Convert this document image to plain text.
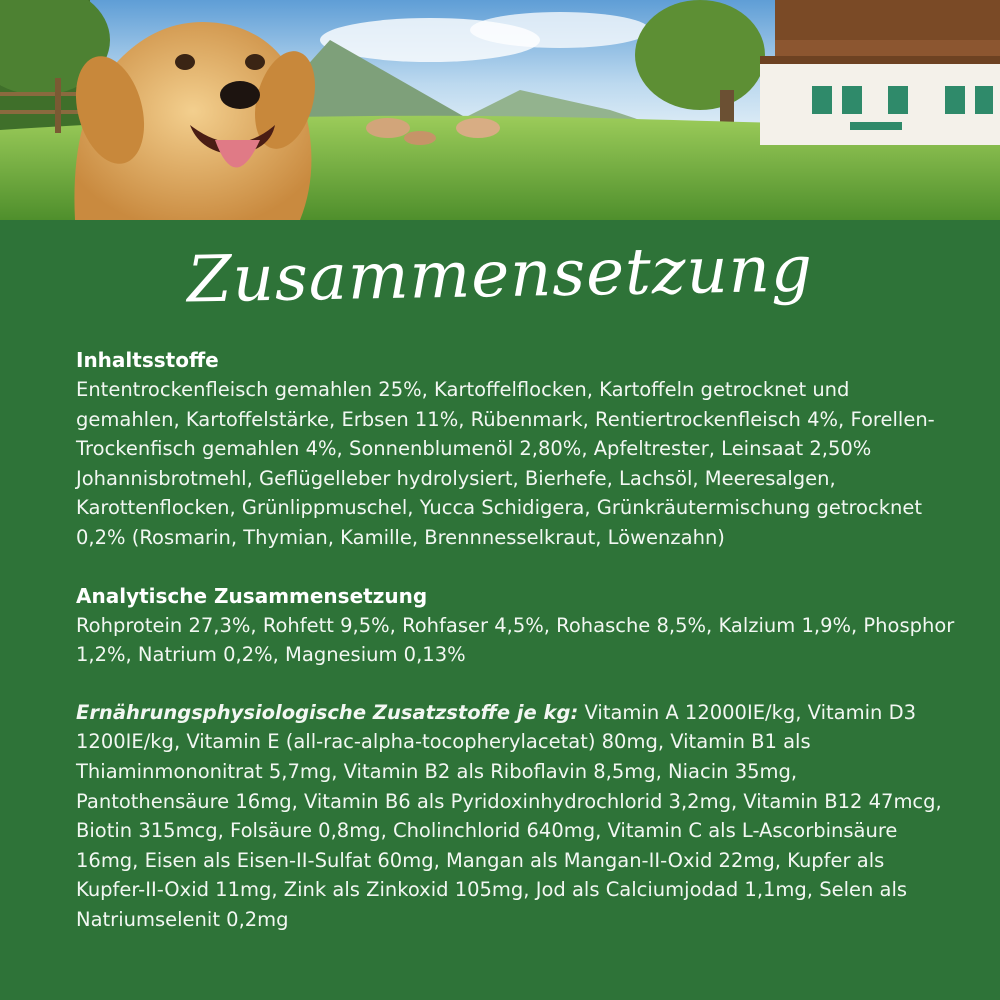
Zusammensetzung

Inhaltsstoffe

Ententrockenfleisch gemahlen 25%, Kartoffelflocken, Kartoffeln getrocknet und gemahlen, Kartoffelstärke, Erbsen 11%, Rübenmark, Rentiertrockenfleisch 4%, Forellen-Trockenfisch gemahlen 4%, Sonnenblumenöl 2,80%, Apfeltrester, Leinsaat 2,50% Johannisbrotmehl, Geflügelleber hydrolysiert, Bierhefe, Lachsöl, Meeresalgen, Karottenflocken, Grünlippmuschel, Yucca Schidigera, Grünkräutermischung getrocknet 0,2% (Rosmarin, Thymian, Kamille, Brennnesselkraut, Löwenzahn)

Analytische Zusammensetzung

Rohprotein 27,3%, Rohfett 9,5%, Rohfaser 4,5%, Rohasche 8,5%, Kalzium 1,9%, Phosphor 1,2%, Natrium 0,2%, Magnesium 0,13%

Ernährungsphysiologische Zusatzstoffe je kg: Vitamin A 12000IE/kg, Vitamin D3 1200IE/kg, Vitamin E (all-rac-alpha-tocopherylacetat) 80mg, Vitamin B1 als Thiaminmononitrat 5,7mg, Vitamin B2 als Riboflavin 8,5mg, Niacin 35mg, Pantothensäure 16mg, Vitamin B6 als Pyridoxinhydrochlorid 3,2mg, Vitamin B12 47mcg, Biotin 315mcg, Folsäure 0,8mg, Cholinchlorid 640mg, Vitamin C als L-Ascorbinsäure 16mg, Eisen als Eisen-II-Sulfat 60mg, Mangan als Mangan-II-Oxid 22mg, Kupfer als Kupfer-II-Oxid 11mg, Zink als Zinkoxid 105mg, Jod als Calciumjodad 1,1mg, Selen als Natriumselenit 0,2mg
